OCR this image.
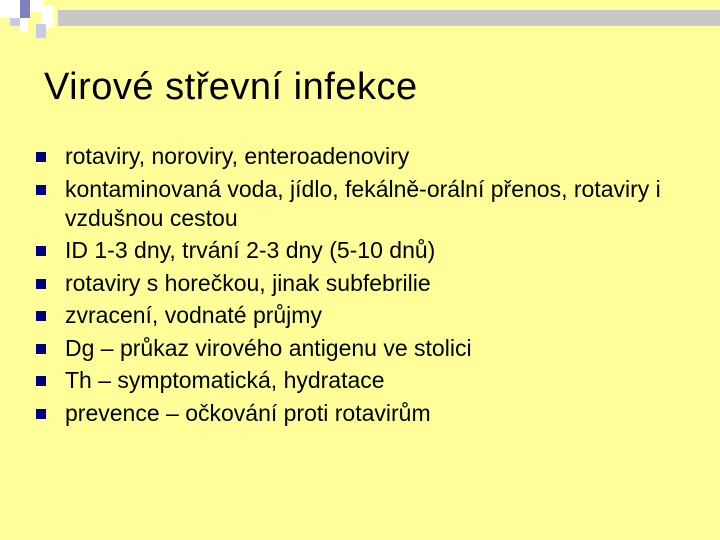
Virové střevní infekce
rotaviry, noroviry, enteroadenoviry
kontaminovaná voda, jídlo, fekálně-orální přenos, rotaviry i vzdušnou cestou
ID 1-3 dny, trvání 2-3 dny (5-10 dnů)
rotaviry s horečkou, jinak subfebrilie
zvracení, vodnaté průjmy
Dg – průkaz virového antigenu ve stolici
Th – symptomatická, hydratace
prevence – očkování proti rotavirům
